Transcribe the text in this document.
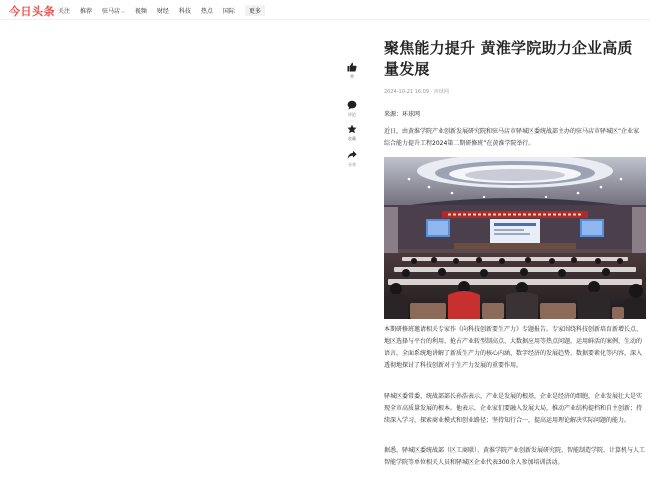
今日头条 关注 推荐 驻马店⌵ 视频 财经 科技 热点 国际	更多
赞
评论
收藏
分享
聚焦能力提升 黄淮学院助力企业高质量发展
2024-10-21 16:09 · 环球网
来源：环球网

近日，由黄淮学院产业创新发展研究院和驻马店市驿城区委统战部主办的驻马店市驿城区“企业家综合能力提升工程2024第二期研修班”在黄淮学院举行。

本期研修班邀请相关专家作《向科技创新要生产力》专题报告。专家围绕科技创新培育新增长点、地区选择与平台的利用、抢占产业转型制高点、大数据应用等热点问题，运用鲜活的案例、生动的语言，全面系统地讲解了新质生产力的核心内涵、数字经济的发展趋势、数据要素化等内容，深入透彻地探讨了科技创新对于生产力发展的重要作用。

驿城区委常委、统战部部长孙浩表示，产业是发展的根基，企业是经济的细胞，企业发展壮大是实现全市高质量发展的根本。他表示，企业家们要融入发展大局，推动产业结构提档和自主创新；持续深入学习，探索商业模式和创业路径；坚持知行合一，提高运用理论解决实际问题的能力。

据悉，驿城区委统战部（区工商联）、黄淮学院产业创新发展研究院、智能制造学院、计算机与人工智能学院等单位相关人员和驿城区企业代表300余人参加培训活动。
